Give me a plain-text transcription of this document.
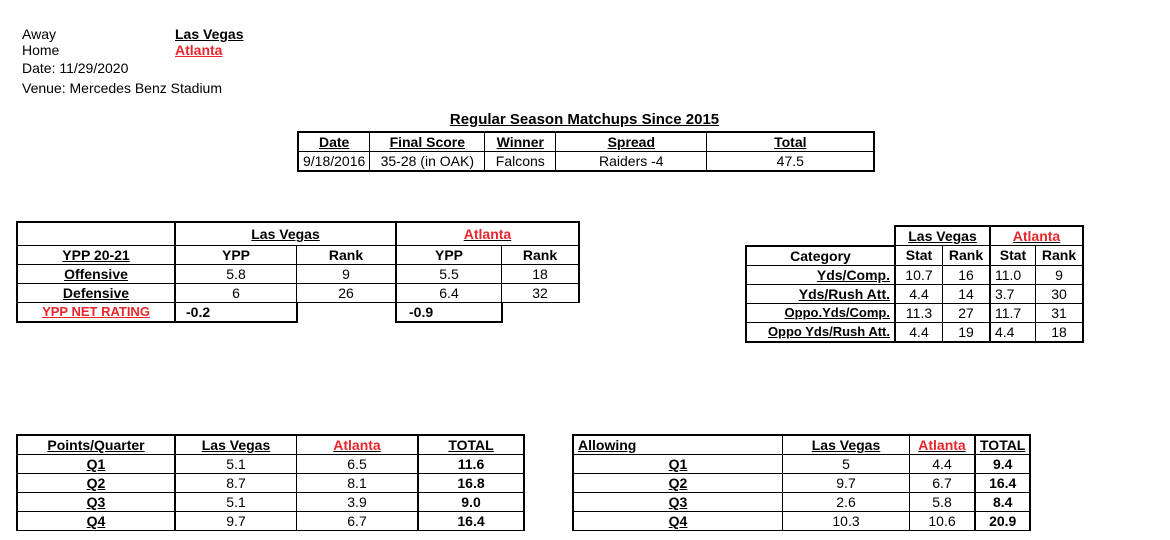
Away
Home
Date: 11/29/2020
Venue: Mercedes Benz Stadium
Las Vegas
Atlanta
Regular Season Matchups Since 2015
Date	Final Score	Winner	Spread	Total
9/18/2016	35-28 (in OAK)	Falcons	Raiders -4	47.5
	Las Vegas		Atlanta	
YPP 20-21	YPP	Rank	YPP	Rank
Offensive	5.8	9	5.5	18
Defensive	6	26	6.4	32
YPP NET RATING	-0.2		-0.9	
	Las Vegas		Atlanta	
Category	Stat	Rank	Stat	Rank
Yds/Comp.	10.7	16	11.0	9
Yds/Rush Att.	4.4	14	3.7	30
Oppo.Yds/Comp.	11.3	27	11.7	31
Oppo Yds/Rush Att.	4.4	19	4.4	18
Points/Quarter	Las Vegas	Atlanta	TOTAL
Q1	5.1	6.5	11.6
Q2	8.7	8.1	16.8
Q3	5.1	3.9	9.0
Q4	9.7	6.7	16.4
Allowing	Las Vegas	Atlanta	TOTAL
Q1	5	4.4	9.4
Q2	9.7	6.7	16.4
Q3	2.6	5.8	8.4
Q4	10.3	10.6	20.9
